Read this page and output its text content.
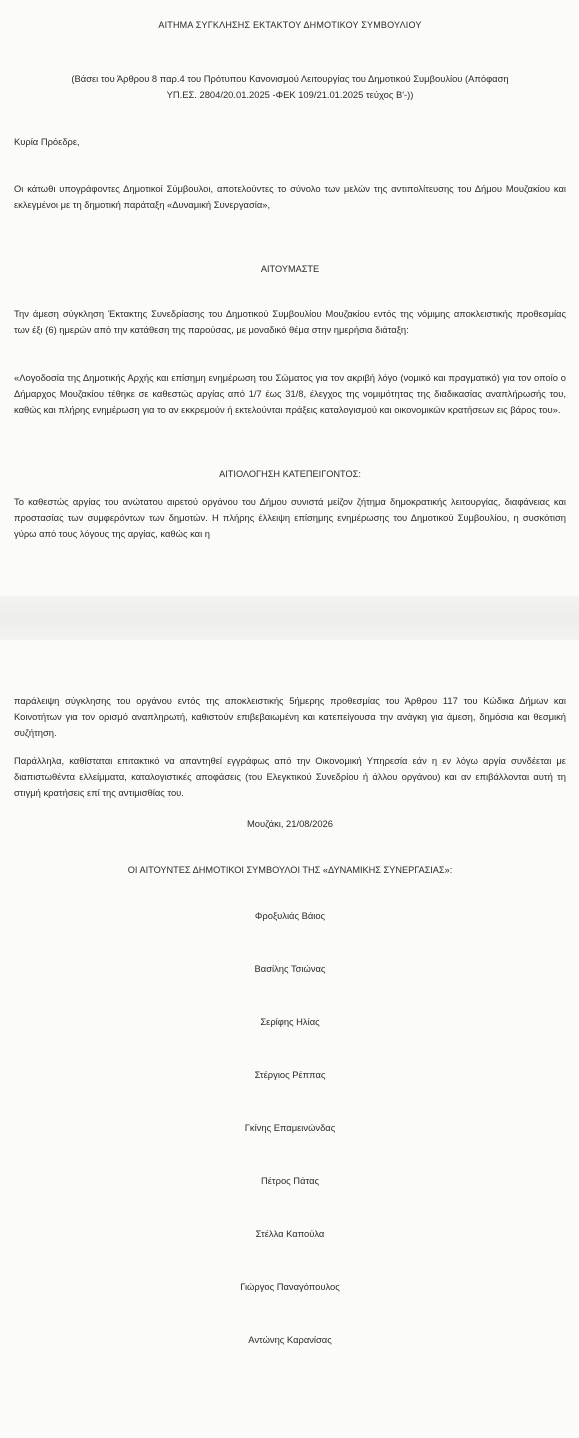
ΑΙΤΗΜΑ ΣΥΓΚΛΗΣΗΣ ΕΚΤΑΚΤΟΥ ΔΗΜΟΤΙΚΟΥ ΣΥΜΒΟΥΛΙΟΥ
(Βάσει του Άρθρου 8 παρ.4 του Πρότυπου Κανονισμού Λειτουργίας του Δημοτικού Συμβουλίου (Απόφαση
ΥΠ.ΕΣ. 2804/20.01.2025 -ΦΕΚ 109/21.01.2025 τεύχος Β'-))
Κυρία Πρόεδρε,

Οι κάτωθι υπογράφοντες Δημοτικοί Σύμβουλοι, αποτελούντες το σύνολο των μελών της αντιπολίτευσης του Δήμου Μουζακίου και εκλεγμένοι με τη δημοτική παράταξη «Δυναμική Συνεργασία»,

ΑΙΤΟΥΜΑΣΤΕ

Την άμεση σύγκληση Έκτακτης Συνεδρίασης του Δημοτικού Συμβουλίου Μουζακίου εντός της νόμιμης αποκλειστικής προθεσμίας των έξι (6) ημερών από την κατάθεση της παρούσας, με μοναδικό θέμα στην ημερήσια διάταξη:

«Λογοδοσία της Δημοτικής Αρχής και επίσημη ενημέρωση του Σώματος για τον ακριβή λόγο (νομικό και πραγματικό) για τον οποίο ο Δήμαρχος Μουζακίου τέθηκε σε καθεστώς αργίας από 1/7 έως 31/8, έλεγχος της νομιμότητας της διαδικασίας αναπλήρωσής του, καθώς και πλήρης ενημέρωση για το αν εκκρεμούν ή εκτελούνται πράξεις καταλογισμού και οικονομικών κρατήσεων εις βάρος του».

ΑΙΤΙΟΛΟΓΗΣΗ ΚΑΤΕΠΕΙΓΟΝΤΟΣ:

Το καθεστώς αργίας του ανώτατου αιρετού οργάνου του Δήμου συνιστά μείζον ζήτημα δημοκρατικής λειτουργίας, διαφάνειας και προστασίας των συμφερόντων των δημοτών. Η πλήρης έλλειψη επίσημης ενημέρωσης του Δημοτικού Συμβουλίου, η συσκότιση γύρω από τους λόγους της αργίας, καθώς και η

παράλειψη σύγκλησης του οργάνου εντός της αποκλειστικής 5ήμερης προθεσμίας του Άρθρου 117 του Κώδικα Δήμων και Κοινοτήτων για τον ορισμό αναπληρωτή, καθιστούν επιβεβαιωμένη και κατεπείγουσα την ανάγκη για άμεση, δημόσια και θεσμική συζήτηση.

Παράλληλα, καθίσταται επιτακτικό να απαντηθεί εγγράφως από την Οικονομική Υπηρεσία εάν η εν λόγω αργία συνδέεται με διαπιστωθέντα ελλείμματα, καταλογιστικές αποφάσεις (του Ελεγκτικού Συνεδρίου ή άλλου οργάνου) και αν επιβάλλονται αυτή τη στιγμή κρατήσεις επί της αντιμισθίας του.

Μουζάκι, 21/08/2026
ΟΙ ΑΙΤΟΥΝΤΕΣ ΔΗΜΟΤΙΚΟΙ ΣΥΜΒΟΥΛΟΙ ΤΗΣ «ΔΥΝΑΜΙΚΗΣ ΣΥΝΕΡΓΑΣΙΑΣ»:
Φροξυλιάς Βάιος
Βασίλης Τσιώνας
Σερίφης Ηλίας
Στέργιος Ρέππας
Γκίνης Επαμεινώνδας
Πέτρος Πάτας
Στέλλα Καπούλα
Γιώργος Παναγόπουλος
Αντώνης Καρανίσας
